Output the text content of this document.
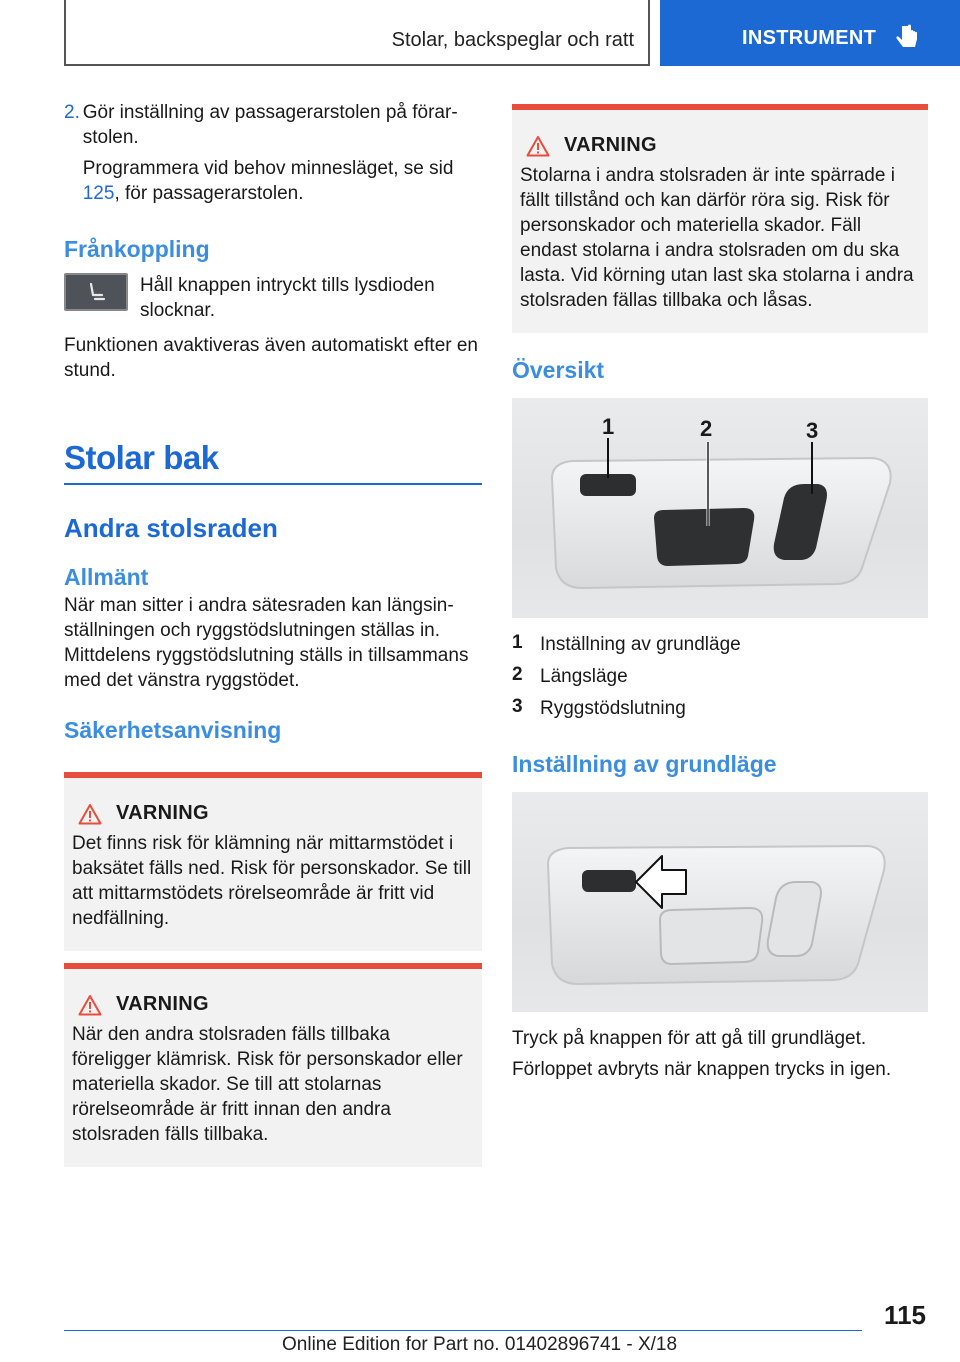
Stolar, backspeglar och ratt	INSTRUMENT
2. Gör inställning av passagerarstolen på förar-stolen.

Programmera vid behov minnesläget, se sid 125, för passagerarstolen.

Frånkoppling

Håll knappen intryckt tills lysdioden slocknar.

Funktionen avaktiveras även automatiskt efter en stund.

Stolar bak
Andra stolsraden
Allmänt

När man sitter i andra sätesraden kan längsin-ställningen och ryggstödslutningen ställas in. Mittdelens ryggstödslutning ställs in tillsammans med det vänstra ryggstödet.

Säkerhetsanvisning
VARNING

Det finns risk för klämning när mittarmstödet i baksätet fälls ned. Risk för personskador. Se till att mittarmstödets rörelseområde är fritt vid nedfällning.

VARNING

När den andra stolsraden fälls tillbaka föreligger klämrisk. Risk för personskador eller materiella skador. Se till att stolarnas rörelseområde är fritt innan den andra stolsraden fälls tillbaka.

VARNING

Stolarna i andra stolsraden är inte spärrade i fällt tillstånd och kan därför röra sig. Risk för personskador och materiella skador. Fäll endast stolarna i andra stolsraden om du ska lasta. Vid körning utan last ska stolarna i andra stolsraden fällas tillbaka och låsas.

Översikt
1	2	3
1 Inställning av grundläge
2 Längsläge
3 Ryggstödslutning
Inställning av grundläge

Tryck på knappen för att gå till grundläget.

Förloppet avbryts när knappen trycks in igen.

115
Online Edition for Part no. 01402896741 - X/18
